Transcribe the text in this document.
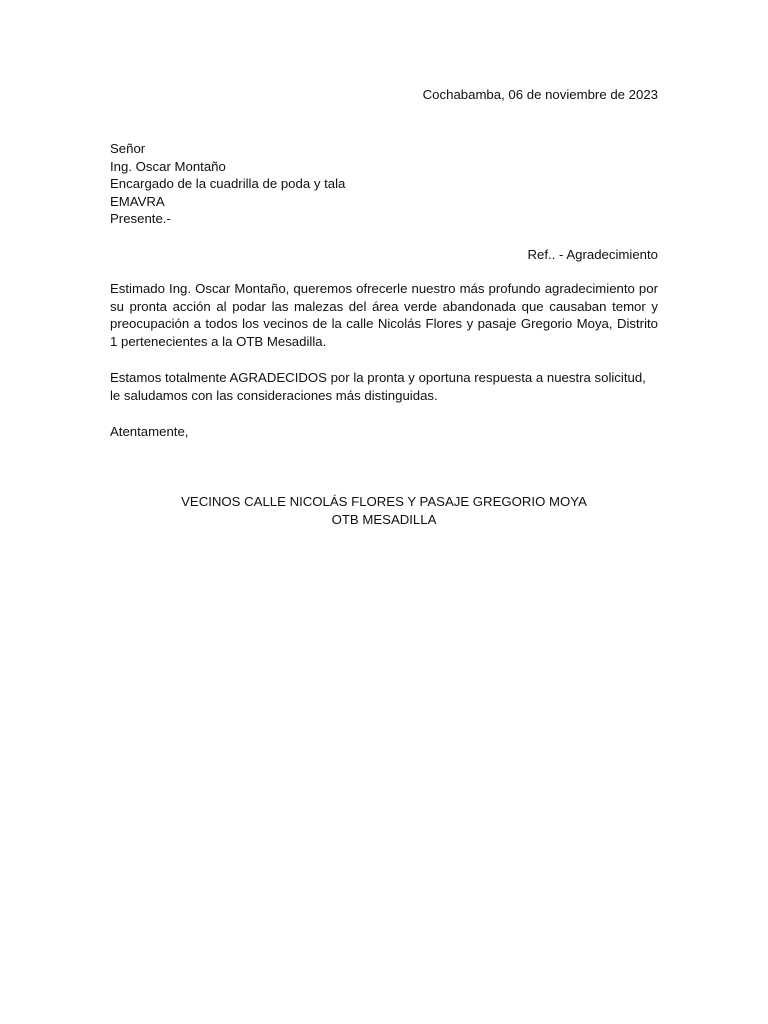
Cochabamba, 06 de noviembre de 2023
Señor
Ing. Oscar Montaño
Encargado de la cuadrilla de poda y tala
EMAVRA
Presente.-
Ref.. - Agradecimiento

Estimado Ing. Oscar Montaño, queremos ofrecerle nuestro más profundo agradecimiento por su pronta acción al podar las malezas del área verde abandonada que causaban temor y preocupación a todos los vecinos de la calle Nicolás Flores y pasaje Gregorio Moya, Distrito 1 pertenecientes a la OTB Mesadilla.

Estamos totalmente AGRADECIDOS por la pronta y oportuna respuesta a nuestra solicitud, le saludamos con las consideraciones más distinguidas.

Atentamente,
VECINOS CALLE NICOLÁS FLORES Y PASAJE GREGORIO MOYA
OTB MESADILLA
